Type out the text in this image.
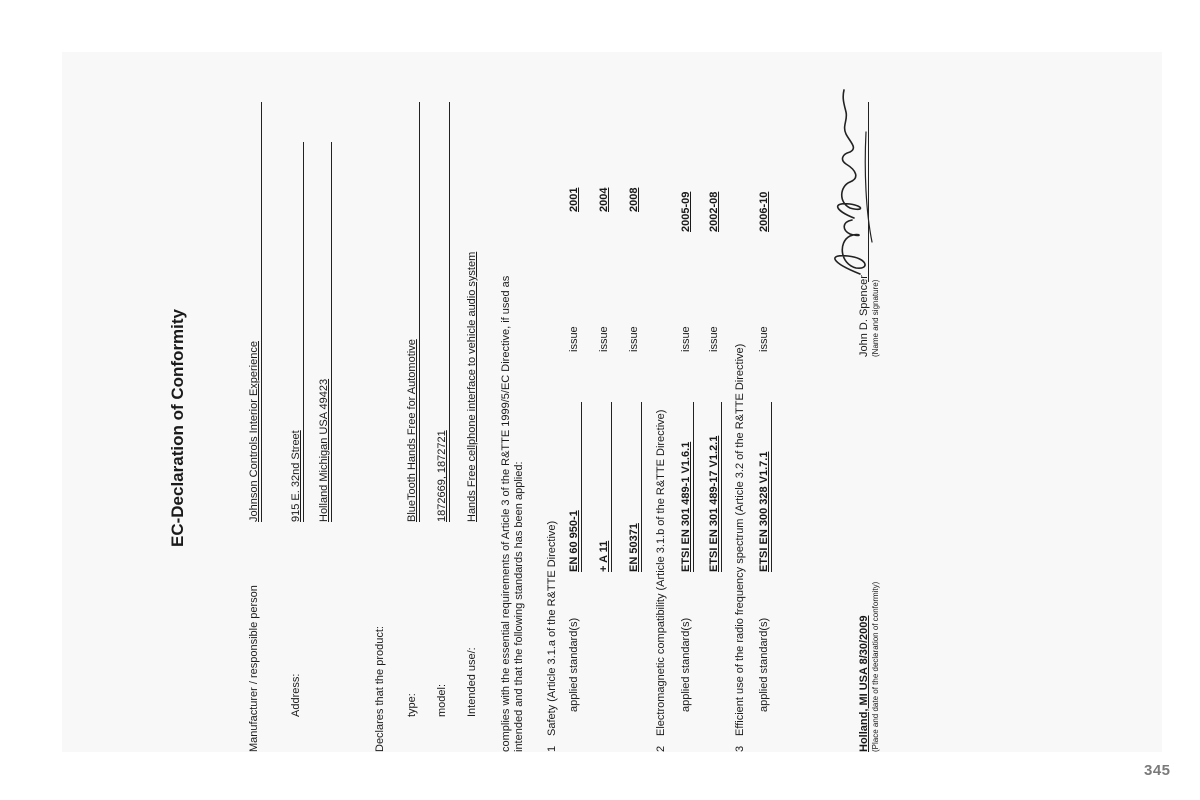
EC-Declaration of Conformity
Manufacturer / responsible person
Johnson Controls Interior Experience
Address:
915 E. 32nd Street Holland Michigan USA 49423
Declares that the product: type:
BlueTooth Hands Free for Automotive
model:
1872669, 1872721
Intended use/:
Hands Free cellphone interface to vehicle audio system complies with the essential requirements of Article 3 of the R&TTE 1999/5/EC Directive, if used as intended and that the following standards has been applied: 1
Safety (Article 3.1.a of the R&TTE Directive) applied standard(s)
EN 60 950-1
issue
2001
+ A 11
issue
2004
EN 50371
issue
2008
2
Electromagnetic compatibility (Article 3.1.b of the R&TTE Directive) applied standard(s)
ETSI EN 301 489-1 V1.6.1
issue
2005-09
ETSI EN 301 489-17 V1.2.1
issue
2002-08
3
Efficient use of the radio frequency spectrum (Article 3.2 of the R&TTE Directive) applied standard(s)
ETSI EN 300 328 V1.7.1
issue
2006-10
Holland, MI USA 8/30/2009 (Place and date of the declaration of conformity)
John D. Spencer (Name and signature)
345
